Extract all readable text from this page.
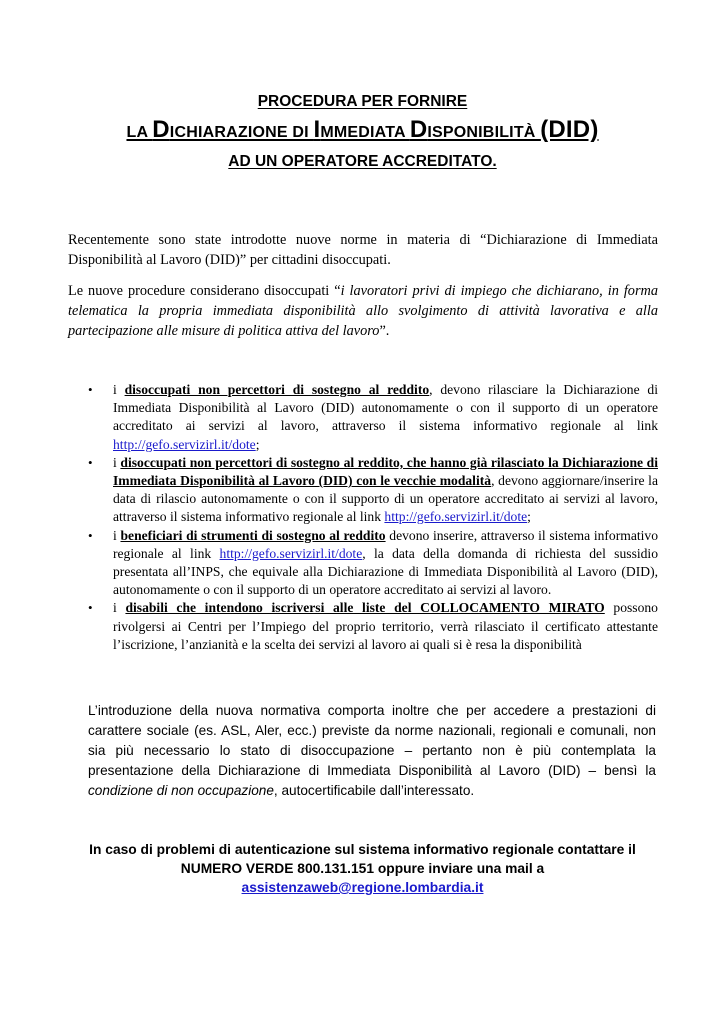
PROCEDURA PER FORNIRE
LA DICHIARAZIONE DI IMMEDIATA DISPONIBILITÀ (DID)
AD UN OPERATORE ACCREDITATO.
Recentemente sono state introdotte nuove norme in materia di “Dichiarazione di Immediata Disponibilità al Lavoro (DID)” per cittadini disoccupati.
Le nuove procedure considerano disoccupati “i lavoratori privi di impiego che dichiarano, in forma telematica la propria immediata disponibilità allo svolgimento di attività lavorativa e alla partecipazione alle misure di politica attiva del lavoro”.
• i disoccupati non percettori di sostegno al reddito, devono rilasciare la Dichiarazione di Immediata Disponibilità al Lavoro (DID) autonomamente o con il supporto di un operatore accreditato ai servizi al lavoro, attraverso il sistema informativo regionale al link http://gefo.servizirl.it/dote;
• i disoccupati non percettori di sostegno al reddito, che hanno già rilasciato la Dichiarazione di Immediata Disponibilità al Lavoro (DID) con le vecchie modalità, devono aggiornare/inserire la data di rilascio autonomamente o con il supporto di un operatore accreditato ai servizi al lavoro, attraverso il sistema informativo regionale al link http://gefo.servizirl.it/dote;
• i beneficiari di strumenti di sostegno al reddito devono inserire, attraverso il sistema informativo regionale al link http://gefo.servizirl.it/dote, la data della domanda di richiesta del sussidio presentata all’INPS, che equivale alla Dichiarazione di Immediata Disponibilità al Lavoro (DID), autonomamente o con il supporto di un operatore accreditato ai servizi al lavoro.
• i disabili che intendono iscriversi alle liste del COLLOCAMENTO MIRATO possono rivolgersi ai Centri per l’Impiego del proprio territorio, verrà rilasciato il certificato attestante l’iscrizione, l’anzianità e la scelta dei servizi al lavoro ai quali si è resa la disponibilità
L’introduzione della nuova normativa comporta inoltre che per accedere a prestazioni di carattere sociale (es. ASL, Aler, ecc.) previste da norme nazionali, regionali e comunali, non sia più necessario lo stato di disoccupazione – pertanto non è più contemplata la presentazione della Dichiarazione di Immediata Disponibilità al Lavoro (DID) – bensì la condizione di non occupazione, autocertificabile dall’interessato.
In caso di problemi di autenticazione sul sistema informativo regionale contattare il NUMERO VERDE 800.131.151 oppure inviare una mail a
assistenzaweb@regione.lombardia.it
